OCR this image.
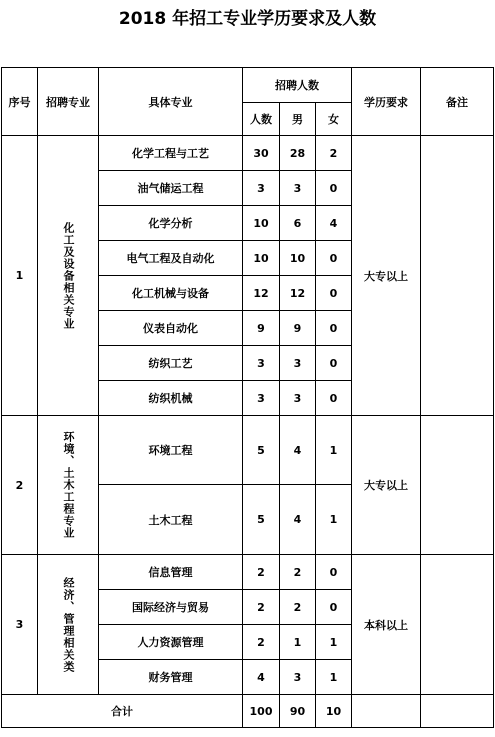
2018 年招工专业学历要求及人数
序号	招聘专业	具体专业	招聘人数			学历要求	备注
			人数	男	女		
1	化工及设备相关专业	化学工程与工艺	30	28	2	大专以上	
		油气储运工程	3	3	0		
		化学分析	10	6	4		
		电气工程及自动化	10	10	0		
		化工机械与设备	12	12	0		
		仪表自动化	9	9	0		
		纺织工艺	3	3	0		
		纺织机械	3	3	0		
2	环境、土木工程专业	环境工程	5	4	1	大专以上	
		土木工程	5	4	1		
3	经济、管理相关类	信息管理	2	2	0	本科以上	
		国际经济与贸易	2	2	0		
		人力资源管理	2	1	1		
		财务管理	4	3	1		
合计			100	90	10		
